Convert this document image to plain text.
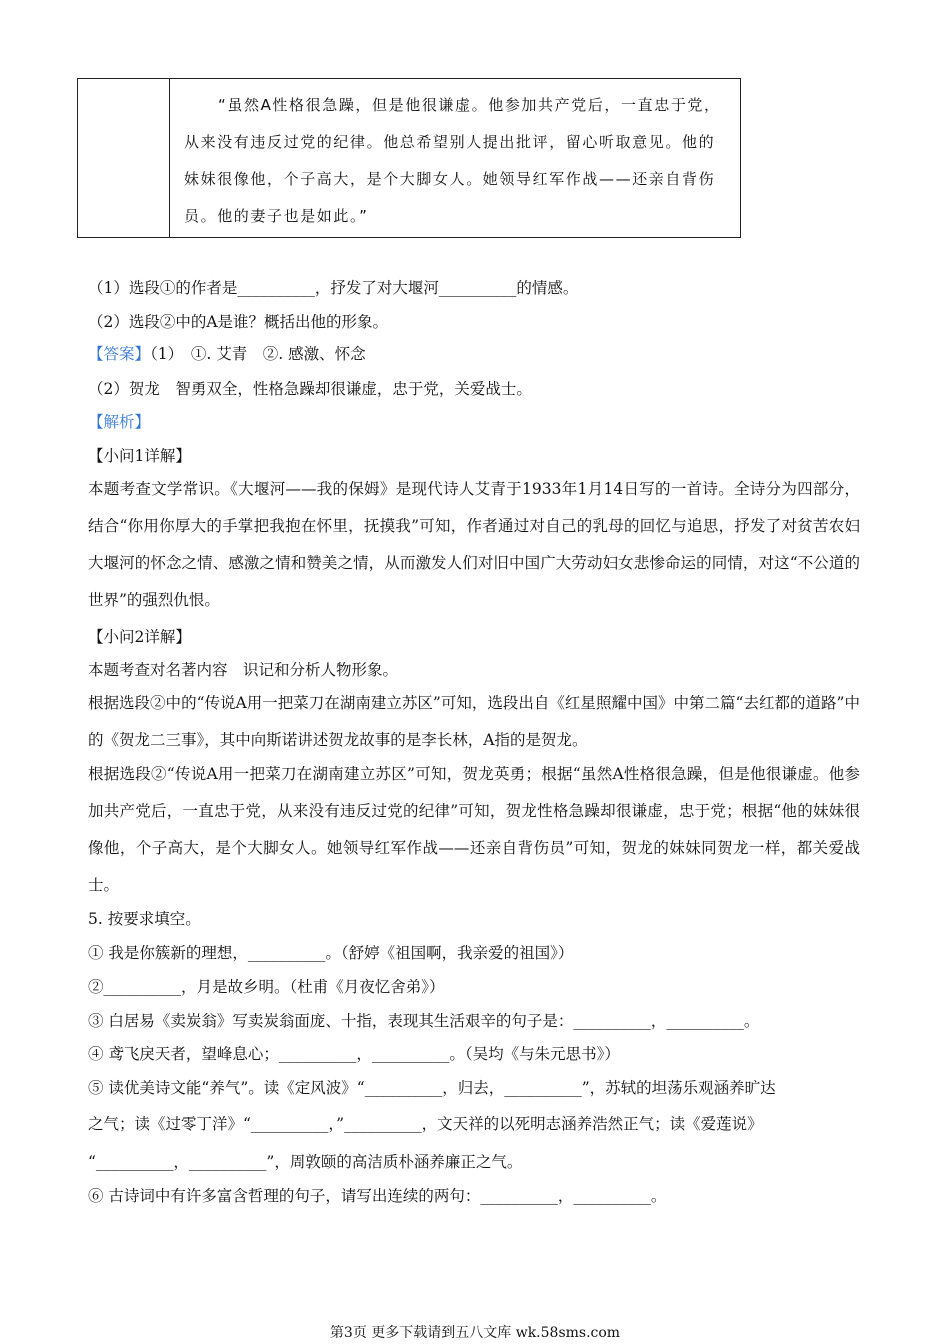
“虽然A性格很急躁，但是他很谦虚。他参加共产党后，一直忠于党，
从来没有违反过党的纪律。他总希望别人提出批评，留心听取意见。他的
妹妹很像他，个子高大，是个大脚女人。她领导红军作战——还亲自背伤
员。他的妻子也是如此。”
（1）选段①的作者是__________，抒发了对大堰河__________的情感。
（2）选段②中的A是谁？概括出他的形象。
【答案】（1）　①. 艾青　②. 感激、怀念
（2）贺龙　智勇双全，性格急躁却很谦虚，忠于党，关爱战士。
【解析】
【小问1详解】
本题考查文学常识。《大堰河——我的保姆》是现代诗人艾青于1933年1月14日写的一首诗。全诗分为四部分，结合“你用你厚大的手掌把我抱在怀里，抚摸我”可知，作者通过对自己的乳母的回忆与追思，抒发了对贫苦农妇大堰河的怀念之情、感激之情和赞美之情，从而激发人们对旧中国广大劳动妇女悲惨命运的同情，对这“不公道的世界”的强烈仇恨。
【小问2详解】
本题考查对名著内容　识记和分析人物形象。
根据选段②中的“传说A用一把菜刀在湖南建立苏区”可知，选段出自《红星照耀中国》中第二篇“去红都的道路”中的《贺龙二三事》，其中向斯诺讲述贺龙故事的是李长林，A指的是贺龙。
根据选段②“传说A用一把菜刀在湖南建立苏区”可知，贺龙英勇；根据“虽然A性格很急躁，但是他很谦虚。他参加共产党后，一直忠于党，从来没有违反过党的纪律”可知，贺龙性格急躁却很谦虚，忠于党；根据“他的妹妹很像他，个子高大，是个大脚女人。她领导红军作战——还亲自背伤员”可知，贺龙的妹妹同贺龙一样，都关爱战士。
5. 按要求填空。
① 我是你簇新的理想，__________。（舒婷《祖国啊，我亲爱的祖国》）
②__________，月是故乡明。（杜甫《月夜忆舍弟》）
③ 白居易《卖炭翁》写卖炭翁面庞、十指，表现其生活艰辛的句子是：__________，__________。
④ 鸢飞戾天者，望峰息心；__________，__________。（吴均《与朱元思书》）
⑤ 读优美诗文能“养气”。读《定风波》“__________，归去，__________”，苏轼的坦荡乐观涵养旷达
之气；读《过零丁洋》“__________，”__________，文天祥的以死明志涵养浩然正气；读《爱莲说》
“__________，__________”，周敦颐的高洁质朴涵养廉正之气。
⑥ 古诗词中有许多富含哲理的句子，请写出连续的两句：__________，__________。
第3页 更多下载请到五八文库 wk.58sms.com
